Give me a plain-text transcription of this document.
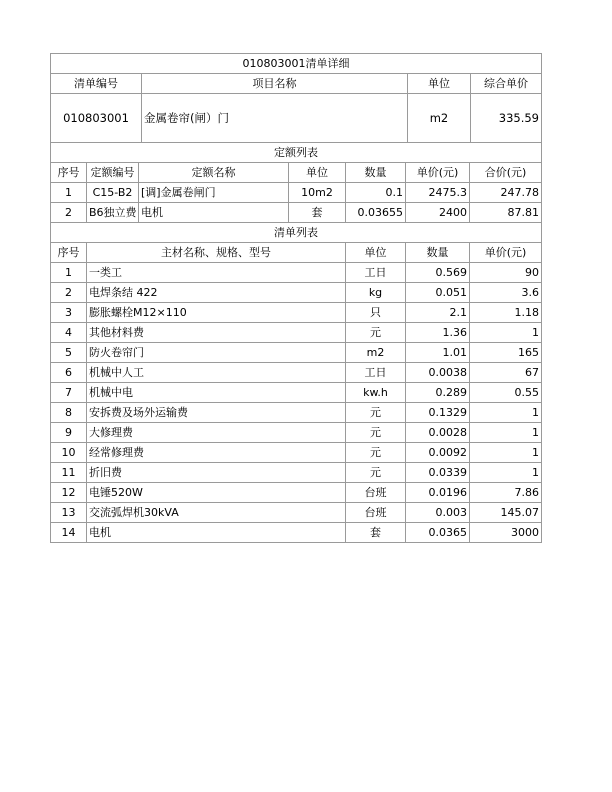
010803001清单详细			
清单编号	项目名称	单位	综合单价
010803001	金属卷帘(闸）门	m2	335.59
定额列表							
序号	定额编号	定额名称	单位	数量	单价(元)	合价(元)	
1	C15-B2	[调]金属卷闸门	10m2	0.1	2475.3	247.78	
2	B6独立费	电机	套	0.03655	2400	87.81	
清单列表							
序号	主材名称、规格、型号			单位	数量	单价(元)	
1	一类工			工日	0.569	90	
2	电焊条结 422			kg	0.051	3.6	
3	膨胀螺栓M12×110			只	2.1	1.18	
4	其他材料费			元	1.36	1	
5	防火卷帘门			m2	1.01	165	
6	机械中人工			工日	0.0038	67	
7	机械中电			kw.h	0.289	0.55	
8	安拆费及场外运输费			元	0.1329	1	
9	大修理费			元	0.0028	1	
10	经常修理费			元	0.0092	1	
11	折旧费			元	0.0339	1	
12	电锤520W			台班	0.0196	7.86	
13	交流弧焊机30kVA			台班	0.003	145.07	
14	电机			套	0.0365	3000	
